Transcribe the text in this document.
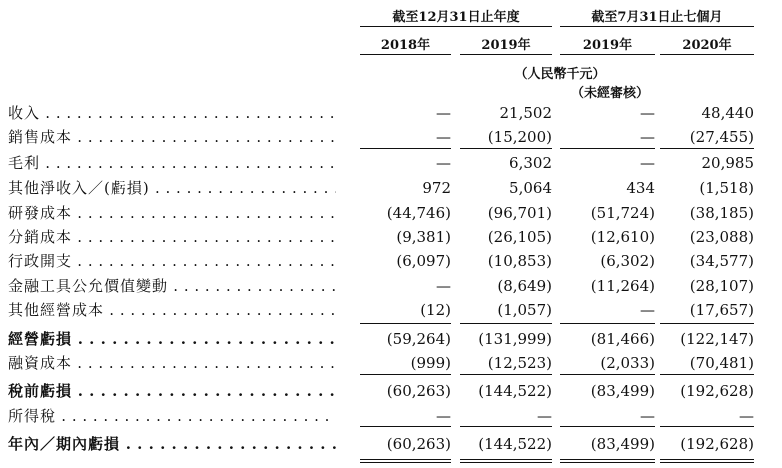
截至12月31日止年度	截至7月31日止七個月
2018年	2019年	2019年	2020年
（人民幣千元）
（未經審核）
收入 . . .	—	21,502	—	48,440
銷售成本 . . .	—	(15,200)	—	(27,455)
毛利 . . .	—	6,302	—	20,985
其他淨收入／(虧損) . . .	972	5,064	434	(1,518)
研發成本 . . .	(44,746)	(96,701)	(51,724)	(38,185)
分銷成本 . . .	(9,381)	(26,105)	(12,610)	(23,088)
行政開支 . . .	(6,097)	(10,853)	(6,302)	(34,577)
金融工具公允價值變動 . . .	—	(8,649)	(11,264)	(28,107)
其他經營成本 . . .	(12)	(1,057)	—	(17,657)
經營虧損 . . .	(59,264)	(131,999)	(81,466)	(122,147)
融資成本 . . .	(999)	(12,523)	(2,033)	(70,481)
稅前虧損 . . .	(60,263)	(144,522)	(83,499)	(192,628)
所得稅 . . .	—	—	—	—
年內／期內虧損 . . .	(60,263)	(144,522)	(83,499)	(192,628)
